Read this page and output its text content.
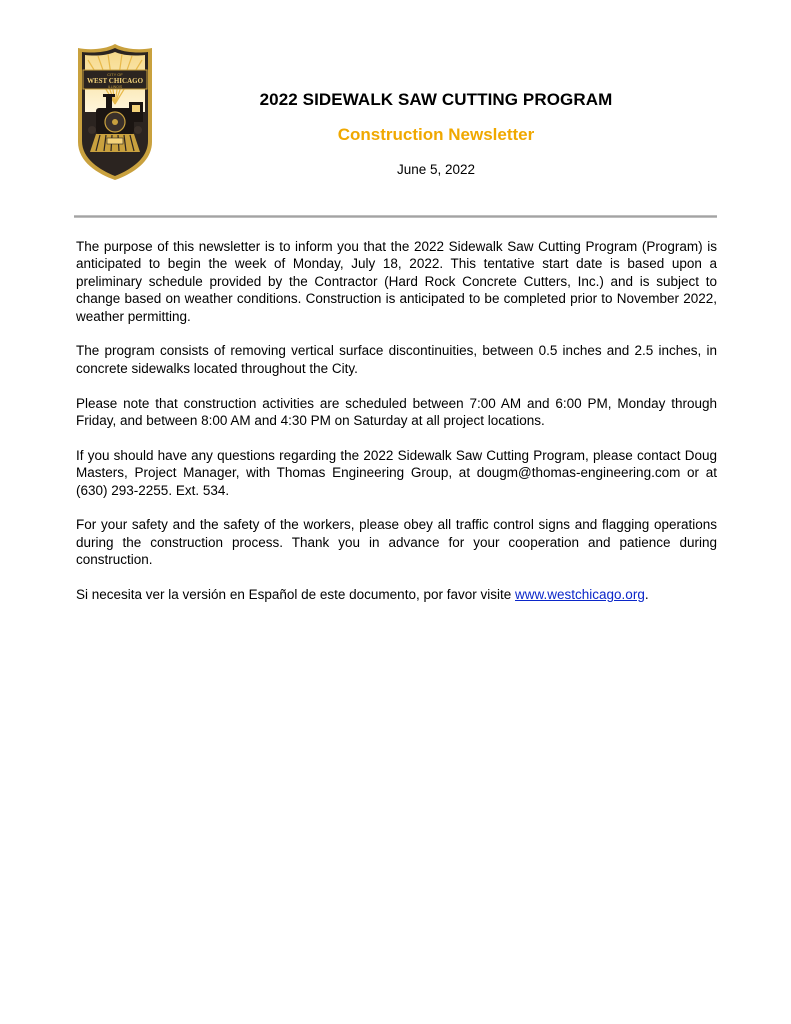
CITY OF
WEST CHICAGO
ILLINOIS
2022 SIDEWALK SAW CUTTING PROGRAM
Construction Newsletter
June 5, 2022

The purpose of this newsletter is to inform you that the 2022 Sidewalk Saw Cutting Program (Program) is anticipated to begin the week of Monday, July 18, 2022. This tentative start date is based upon a preliminary schedule provided by the Contractor (Hard Rock Concrete Cutters, Inc.) and is subject to change based on weather conditions. Construction is anticipated to be completed prior to November 2022, weather permitting.

The program consists of removing vertical surface discontinuities, between 0.5 inches and 2.5 inches, in concrete sidewalks located throughout the City.

Please note that construction activities are scheduled between 7:00 AM and 6:00 PM, Monday through Friday, and between 8:00 AM and 4:30 PM on Saturday at all project locations.

If you should have any questions regarding the 2022 Sidewalk Saw Cutting Program, please contact Doug Masters, Project Manager, with Thomas Engineering Group, at dougm@thomas-engineering.com or at (630) 293-2255. Ext. 534.

For your safety and the safety of the workers, please obey all traffic control signs and flagging operations during the construction process. Thank you in advance for your cooperation and patience during construction.

Si necesita ver la versión en Español de este documento, por favor visite www.westchicago.org.
